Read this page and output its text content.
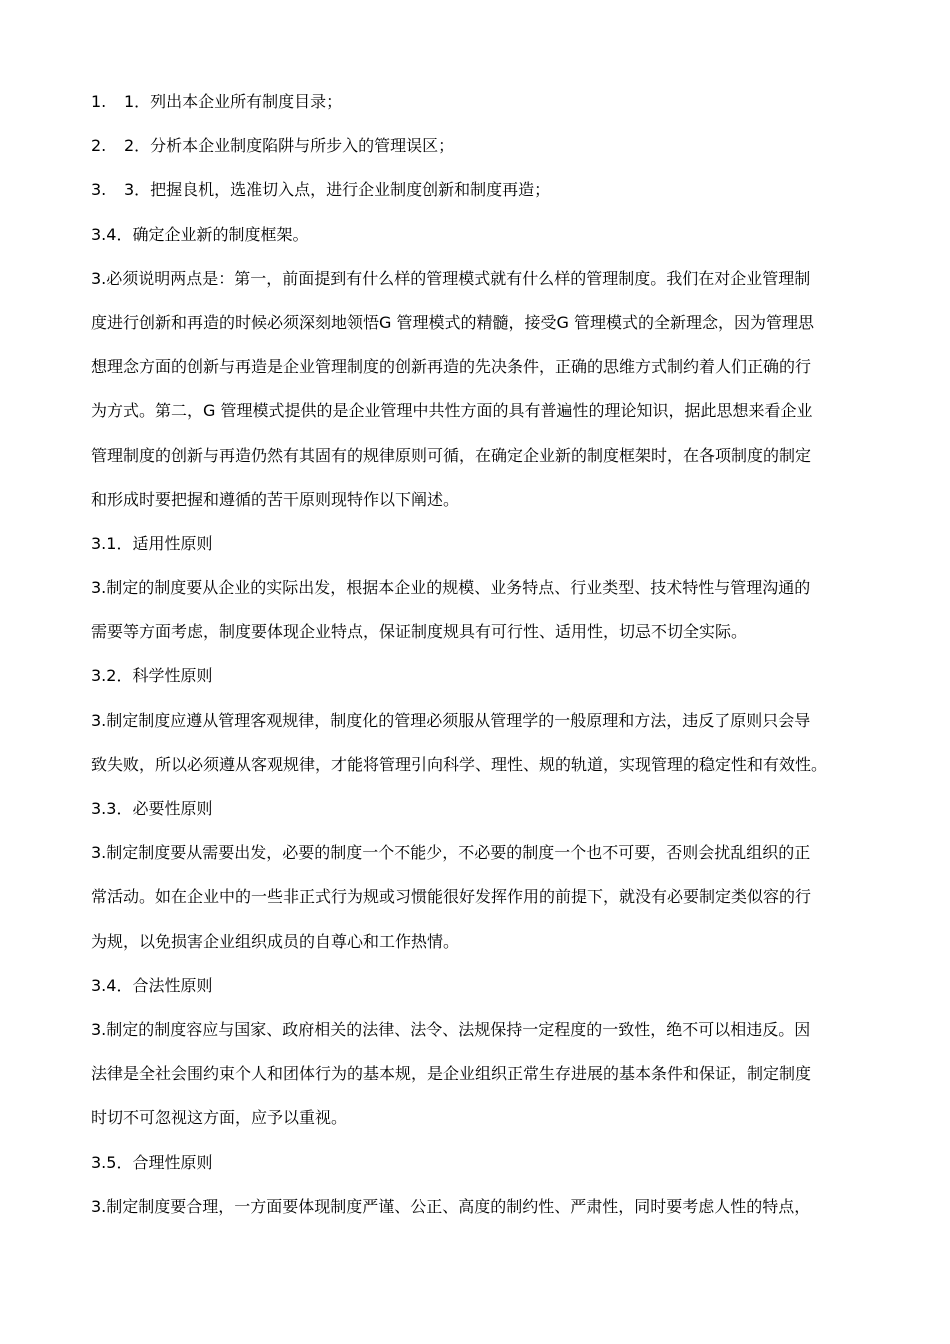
1. 1．列出本企业所有制度目录；
2. 2．分析本企业制度陷阱与所步入的管理误区；
3. 3．把握良机，选准切入点，进行企业制度创新和制度再造；
3.4．确定企业新的制度框架。
3.必须说明两点是：第一，前面提到有什么样的管理模式就有什么样的管理制度。我们在对企业管理制
度进行创新和再造的时候必须深刻地领悟G 管理模式的精髓，接受G 管理模式的全新理念，因为管理思
想理念方面的创新与再造是企业管理制度的创新再造的先决条件，正确的思维方式制约着人们正确的行
为方式。第二，G 管理模式提供的是企业管理中共性方面的具有普遍性的理论知识，据此思想来看企业
管理制度的创新与再造仍然有其固有的规律原则可循，在确定企业新的制度框架时，在各项制度的制定
和形成时要把握和遵循的苦干原则现特作以下阐述。
3.1．适用性原则
3.制定的制度要从企业的实际出发，根据本企业的规模、业务特点、行业类型、技术特性与管理沟通的
需要等方面考虑，制度要体现企业特点，保证制度规具有可行性、适用性，切忌不切全实际。
3.2．科学性原则
3.制定制度应遵从管理客观规律，制度化的管理必须服从管理学的一般原理和方法，违反了原则只会导
致失败，所以必须遵从客观规律，才能将管理引向科学、理性、规的轨道，实现管理的稳定性和有效性。
3.3．必要性原则
3.制定制度要从需要出发，必要的制度一个不能少，不必要的制度一个也不可要，否则会扰乱组织的正
常活动。如在企业中的一些非正式行为规或习惯能很好发挥作用的前提下，就没有必要制定类似容的行
为规，以免损害企业组织成员的自尊心和工作热情。
3.4．合法性原则
3.制定的制度容应与国家、政府相关的法律、法令、法规保持一定程度的一致性，绝不可以相违反。因
法律是全社会围约束个人和团体行为的基本规，是企业组织正常生存进展的基本条件和保证，制定制度
时切不可忽视这方面，应予以重视。
3.5．合理性原则
3.制定制度要合理，一方面要体现制度严谨、公正、高度的制约性、严肃性，同时要考虑人性的特点，
